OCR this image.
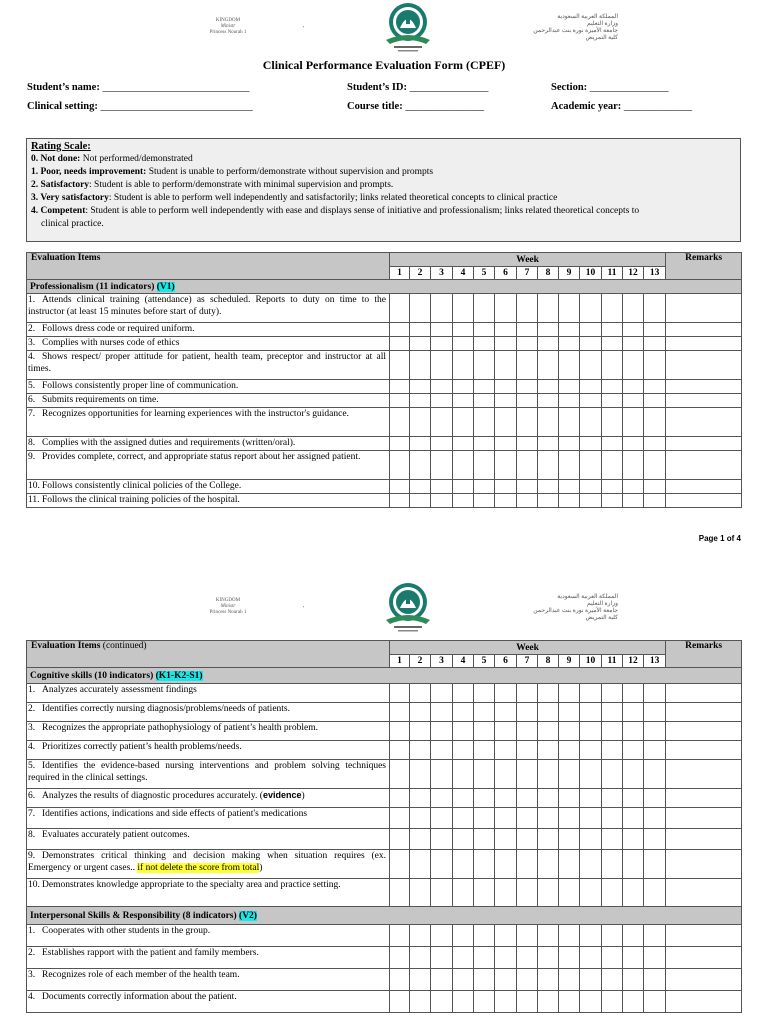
KINGDOM
Ministr
Princess Nourah 1
'
المملكة العربية السعودية
وزارة التعليم
جامعة الأميرة نورة بنت عبدالرحمن
كلية التمريض
Clinical Performance Evaluation Form (CPEF)
Student’s name: ____________________________	Student’s ID: _______________	Section: _______________
Clinical setting: _____________________________	Course title: _______________	Academic year: _____________
Rating Scale:
0. Not done: Not performed/demonstrated
1. Poor, needs improvement: Student is unable to perform/demonstrate without supervision and prompts
2. Satisfactory: Student is able to perform/demonstrate with minimal supervision and prompts.
3. Very satisfactory: Student is able to perform well independently and satisfactorily; links related theoretical concepts to clinical practice
4. Competent: Student is able to perform well independently with ease and displays sense of initiative and professionalism; links related theoretical concepts to
clinical practice.
Evaluation Items	Week													Remarks
	1	2	3	4	5	6	7	8	9	10	11	12	13	
Professionalism (11 indicators) (V1)														

1. Attends clinical training (attendance) as scheduled. Reports to duty on time to the instructor (at least 15 minutes before start of duty).														

2. Follows dress code or required uniform.														

3. Complies with nurses code of ethics														

4. Shows respect/ proper attitude for patient, health team, preceptor and instructor at all times.														

5. Follows consistently proper line of communication.														

6. Submits requirements on time.														

7. Recognizes opportunities for learning experiences with the instructor's guidance.														

8. Complies with the assigned duties and requirements (written/oral).														

9. Provides complete, correct, and appropriate status report about her assigned patient.														

10. Follows consistently clinical policies of the College.														

11. Follows the clinical training policies of the hospital.														

Page 1 of 4
KINGDOM
Ministr
Princess Nourah 1
'
المملكة العربية السعودية
وزارة التعليم
جامعة الأميرة نورة بنت عبدالرحمن
كلية التمريض
Evaluation Items (continued)	Week													Remarks
	1	2	3	4	5	6	7	8	9	10	11	12	13	
Cognitive skills (10 indicators) (K1-K2-S1)														

1. Analyzes accurately assessment findings														

2. Identifies correctly nursing diagnosis/problems/needs of patients.														

3. Recognizes the appropriate pathophysiology of patient’s health problem.														

4. Prioritizes correctly patient’s health problems/needs.														

5. Identifies the evidence-based nursing interventions and problem solving techniques required in the clinical settings.														

6. Analyzes the results of diagnostic procedures accurately. (evidence)														

7. Identifies actions, indications and side effects of patient's medications														

8. Evaluates accurately patient outcomes.														

9. Demonstrates critical thinking and decision making when situation requires (ex. Emergency or urgent cases.. if not delete the score from total)														

10. Demonstrates knowledge appropriate to the specialty area and practice setting.														

Interpersonal Skills & Responsibility (8 indicators) (V2)														

1. Cooperates with other students in the group.														

2. Establishes rapport with the patient and family members.														

3. Recognizes role of each member of the health team.														

4. Documents correctly information about the patient.														
